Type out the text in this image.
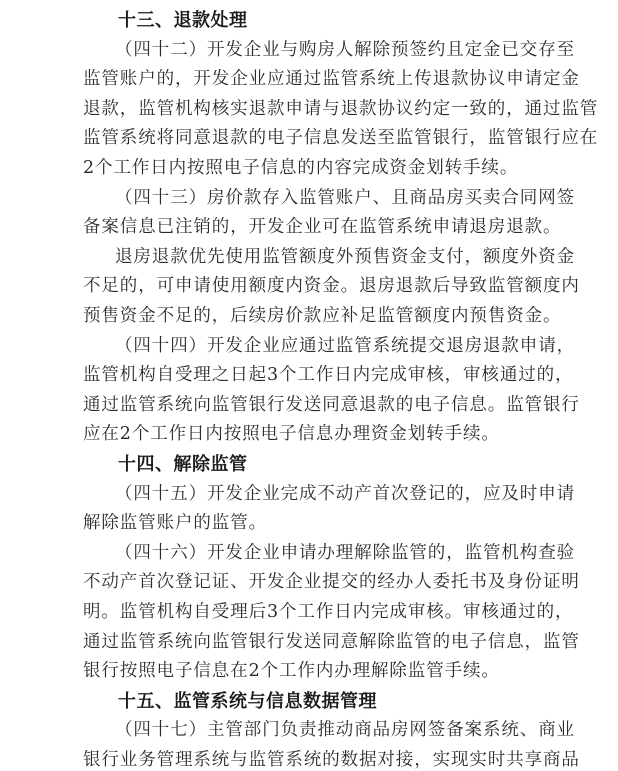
十三、退款处理
（四十二）开发企业与购房人解除预签约且定金已交存至
监管账户的，开发企业应通过监管系统上传退款协议申请定金
退款，监管机构核实退款申请与退款协议约定一致的，通过监管
监管系统将同意退款的电子信息发送至监管银行，监管银行应在
2个工作日内按照电子信息的内容完成资金划转手续。
（四十三）房价款存入监管账户、且商品房买卖合同网签
备案信息已注销的，开发企业可在监管系统申请退房退款。
退房退款优先使用监管额度外预售资金支付，额度外资金
不足的，可申请使用额度内资金。退房退款后导致监管额度内
预售资金不足的，后续房价款应补足监管额度内预售资金。
（四十四）开发企业应通过监管系统提交退房退款申请，
监管机构自受理之日起3个工作日内完成审核，审核通过的，
通过监管系统向监管银行发送同意退款的电子信息。监管银行
应在2个工作日内按照电子信息办理资金划转手续。
十四、解除监管
（四十五）开发企业完成不动产首次登记的，应及时申请
解除监管账户的监管。
（四十六）开发企业申请办理解除监管的，监管机构查验
不动产首次登记证、开发企业提交的经办人委托书及身份证明
明。监管机构自受理后3个工作日内完成审核。审核通过的，
通过监管系统向监管银行发送同意解除监管的电子信息，监管
银行按照电子信息在2个工作内办理解除监管手续。
十五、监管系统与信息数据管理
（四十七）主管部门负责推动商品房网签备案系统、商业
银行业务管理系统与监管系统的数据对接，实现实时共享商品
